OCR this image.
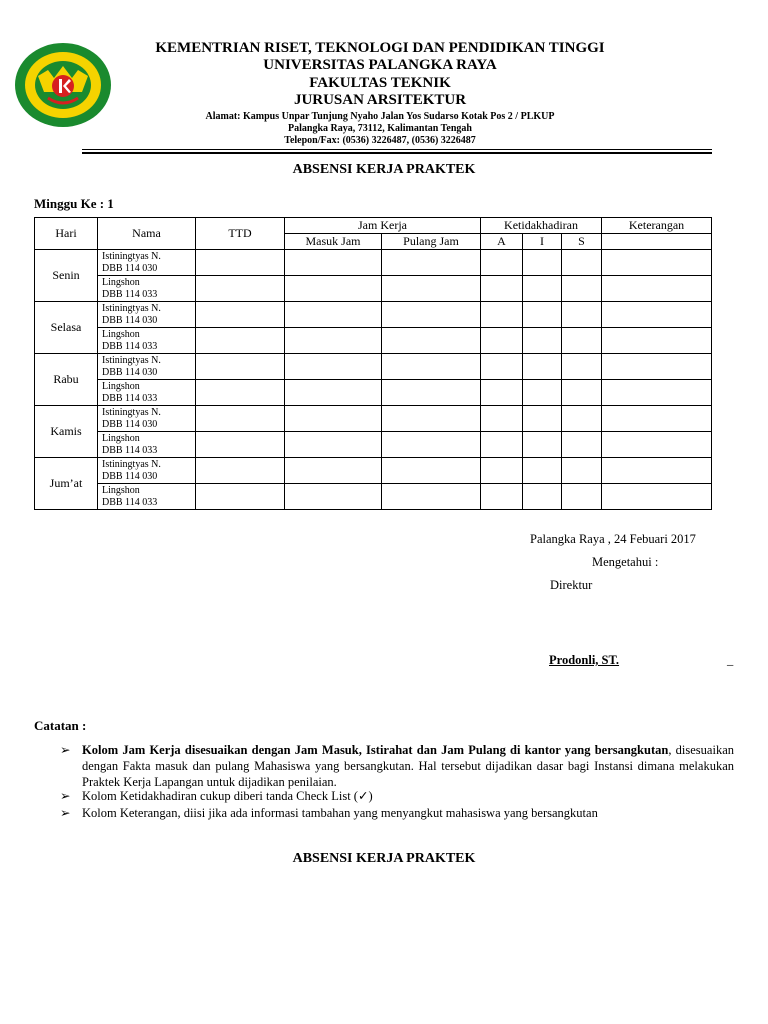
KEMENTRIAN RISET, TEKNOLOGI DAN PENDIDIKAN TINGGI
UNIVERSITAS PALANGKA RAYA
FAKULTAS TEKNIK
JURUSAN ARSITEKTUR
Alamat: Kampus Unpar Tunjung Nyaho Jalan Yos Sudarso Kotak Pos 2 / PLKUP
Palangka Raya, 73112, Kalimantan Tengah
Telepon/Fax: (0536) 3226487, (0536) 3226487
ABSENSI KERJA PRAKTEK
Minggu Ke : 1
Hari	Nama	TTD	Jam Kerja		Ketidakhadiran			Keterangan
			Masuk Jam	Pulang Jam	A	I	S	
Senin	Istiningtyas N.
DBB 114 030							

	Lingshon
DBB 114 033							

Selasa	Istiningtyas N.
DBB 114 030							

	Lingshon
DBB 114 033							

Rabu	Istiningtyas N.
DBB 114 030							

	Lingshon
DBB 114 033							

Kamis	Istiningtyas N.
DBB 114 030							

	Lingshon
DBB 114 033							

Jum’at	Istiningtyas N.
DBB 114 030							

	Lingshon
DBB 114 033							

Palangka Raya , 24 Febuari 2017
Mengetahui :
Direktur
Prodonli, ST.	_
Catatan :
➢ Kolom Jam Kerja disesuaikan dengan Jam Masuk, Istirahat dan Jam Pulang di kantor yang bersangkutan, disesuaikan dengan Fakta masuk dan pulang Mahasiswa yang bersangkutan. Hal tersebut dijadikan dasar bagi Instansi dimana melakukan Praktek Kerja Lapangan untuk dijadikan penilaian.
➢ Kolom Ketidakhadiran cukup diberi tanda Check List (✓)
➢ Kolom Keterangan, diisi jika ada informasi tambahan yang menyangkut mahasiswa yang bersangkutan
ABSENSI KERJA PRAKTEK
